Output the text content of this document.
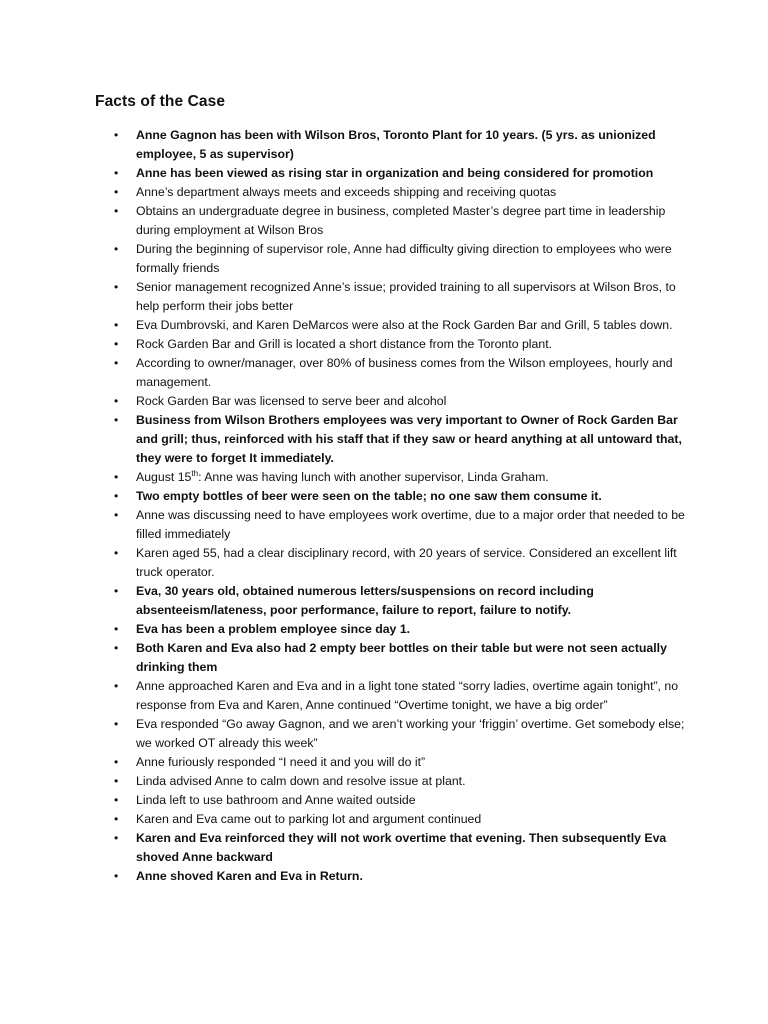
Facts of the Case
• Anne Gagnon has been with Wilson Bros, Toronto Plant for 10 years. (5 yrs. as unionized employee, 5 as supervisor)
• Anne has been viewed as rising star in organization and being considered for promotion
• Anne’s department always meets and exceeds shipping and receiving quotas
• Obtains an undergraduate degree in business, completed Master’s degree part time in leadership during employment at Wilson Bros
• During the beginning of supervisor role, Anne had difficulty giving direction to employees who were formally friends
• Senior management recognized Anne’s issue; provided training to all supervisors at Wilson Bros, to help perform their jobs better
• Eva Dumbrovski, and Karen DeMarcos were also at the Rock Garden Bar and Grill, 5 tables down.
• Rock Garden Bar and Grill is located a short distance from the Toronto plant.
• According to owner/manager, over 80% of business comes from the Wilson employees, hourly and management.
• Rock Garden Bar was licensed to serve beer and alcohol
• Business from Wilson Brothers employees was very important to Owner of Rock Garden Bar and grill; thus, reinforced with his staff that if they saw or heard anything at all untoward that, they were to forget It immediately.
• August 15th: Anne was having lunch with another supervisor, Linda Graham.
• Two empty bottles of beer were seen on the table; no one saw them consume it.
• Anne was discussing need to have employees work overtime, due to a major order that needed to be filled immediately
• Karen aged 55, had a clear disciplinary record, with 20 years of service. Considered an excellent lift truck operator.
• Eva, 30 years old, obtained numerous letters/suspensions on record including absenteeism/lateness, poor performance, failure to report, failure to notify.
• Eva has been a problem employee since day 1.
• Both Karen and Eva also had 2 empty beer bottles on their table but were not seen actually drinking them
• Anne approached Karen and Eva and in a light tone stated “sorry ladies, overtime again tonight”, no response from Eva and Karen, Anne continued “Overtime tonight, we have a big order”
• Eva responded “Go away Gagnon, and we aren’t working your ‘friggin’ overtime. Get somebody else; we worked OT already this week”
• Anne furiously responded “I need it and you will do it”
• Linda advised Anne to calm down and resolve issue at plant.
• Linda left to use bathroom and Anne waited outside
• Karen and Eva came out to parking lot and argument continued
• Karen and Eva reinforced they will not work overtime that evening. Then subsequently Eva shoved Anne backward
• Anne shoved Karen and Eva in Return.
